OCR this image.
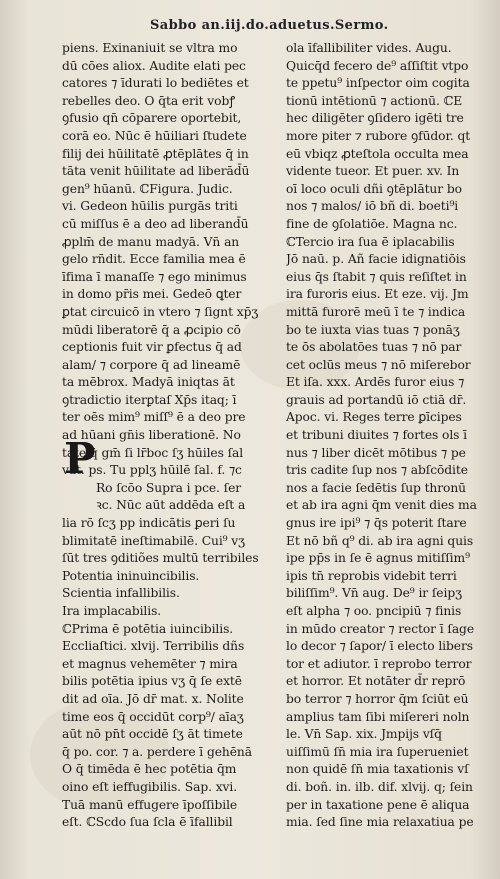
Sabbo an.iij.do.aduetus.Sermo.
piens. Exinaniuit se vltra mo
dū cōes aliox. Audite elati pec
catores ⁊ īdurati lo bediētes et
rebelles deo. O q̄ta erit vobꝭ
ꝯfusio qn̄ cōparere oportebit,
corā eo. Nūc ē hūiliari ſtudete
filij dei hūilitatē ꝓtēplātes q̄ in
tāta venit hūilitate ad liberād̄ū
gen⁹ hūanū. ℂFigura. Judic.
vi. Gedeon hūilis purgās triti
cū miſſus ē a deo ad liberand̄ū
ꝓplm̄ de manu madyā. Vn̄ an
gelo rn̄dit. Ecce familia mea ē
īfima ī manaſſe ⁊ ego minimus
in domo pr̄is mei. Gedeō ꝗter
ꝑtat circuicō in vtero ⁊ ſignt xp̄ʒ
mūdi liberatorē q̄ a ꝓcipio cō
ceptionis fuit vir ꝑfectus q̄ ad
alam/ ⁊ corpore q̄ ad lineamē
ta mēbrox. Madyā iniqtas āt
ꝯtradictio iterꝑtaſ Xp̄s itaq; ī
ter oēs mim⁹ miſſ⁹ ē a deo pre
ad hūani gn̄is liberationē. No
tate q̄ gm̄ ſi lr̄boc ſʒ hūiles ſal
vat. ps. Tu pplʒ hūilē ſal. f. ⁊c
Ro ſcōo Supra i pce. ſer
ꝛc. Nūc aūt addēda eſt a
lia rō ſcʒ pp indicātis ꝑeri ſu
blimitatē ineſtimabilē. Cui⁹ vʒ
ſūt tres ꝯditiões multū terribiles
Potentia ininuincibilis.
Scientia infallibilis.
Ira implacabilis.
ℂPrima ē potētia iuincibilis.
Eccliaſtici. xlvij. Terribilis dñs
et magnus vehemēter ⁊ mira
bilis potētia ipius vʒ q̄ ſe extē
dit ad oīa. Jō dr̄ mat. x. Nolite
time eos q̄ occidūt corp⁹/ aīaʒ
aūt nō pn̄t occidē ſʒ āt timete
q̄ po. cor. ⁊ a. perdere ī gehēnā
O q̄ timēda ē hec potētia q̄m
oino eſt ieffugibilis. Sap. xvi.
Tuā manū effugere īpoſſibile
eſt. ℂScdo ſua ſcla ē īfallibil
ola īfallibiliter vides. Augu.
Quicq̄d fecero de⁹ aſſiſtit vtpo
te ppetu⁹ inſpector oim cogita
tionū intētionū ⁊ actionū. ℂE
hec diligēter ꝯſidero igēti tre
more piter ⁊ rubore ꝯfūdor. qt
eū vbiqz ꝓteſtola occulta mea
vidente tueor. Et puer. xv. In
oī loco oculi dñi ꝯtēplātur bo
nos ⁊ malos/ iō bñ di. boeti⁹i
fine de ꝯſolatiōe. Magna nc.
ℂTercio ira ſua ē iplacabilis
Jō naū. p. Añ facie idignatiōis
eius q̄s ſtabit ⁊ quis reſiſtet in
ira furoris eius. Et eze. vij. Jm
mittā furorē meū ī te ⁊ indica
bo te iuxta vias tuas ⁊ ponāʒ
te ōs abolatōes tuas ⁊ nō par
cet oclūs meus ⁊ nō miſerebor
Et iſa. xxx. Ardēs furor eius ⁊
grauis ad portandū iō ctiā dr̄.
Apoc. vi. Reges terre ꝑīcipes
et tribuni diuites ⁊ fortes ols ī
nus ⁊ liber dicēt mōtibus ⁊ pe
tris cadite ſup nos ⁊ abſcōdite
nos a facie ſedētis ſup thronū
et ab ira agni q̄m venit dies ma
gnus ire ipi⁹ ⁊ q̄s poterit ſtare
Et nō bñ q⁹ di. ab ira agni quis
ipe pp̄s in ſe ē agnus mitiſſim⁹
ipis tn̄ reprobis videbit terri
biliſſim⁹. Vn̄ aug. De⁹ ir ſeipʒ
eſt alpha ⁊ oo. pncipiū ⁊ finis
in mūdo creator ⁊ rector ī ſage
lo decor ⁊ ſapor/ ī electo libers
tor et adiutor. ī reprobo terror
et horror. Et notāter d̄r reprō
bo terror ⁊ horror q̄m ſciūt eū
amplius tam ſibi miſereri noln
le. Vn̄ Sap. xix. Jmpijs vſq̄
uiſſimū ſn̄ mia ira ſuperueniet
non quidē ſn̄ mia taxationis vſ
di. boñ. in. ilb. dif. xlvij. q; ſein
per in taxatione pene ē aliqua
mia. ſed ſine mia relaxatiua pe
P
